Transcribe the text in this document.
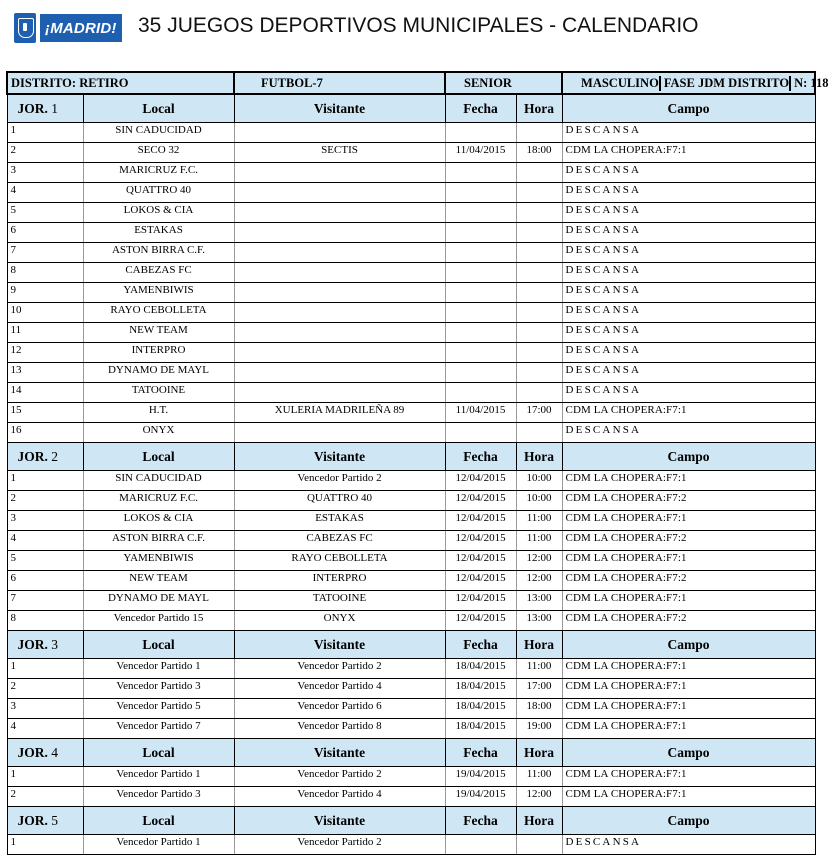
¡MADRID! 35 JUEGOS DEPORTIVOS MUNICIPALES - CALENDARIO
DISTRITO: RETIRO		FUTBOL-7	SENIOR		MASCULINO FASE JDM DISTRITO N: 118

JOR. 1	Local	Visitante	Fecha	Hora	Campo
1	SIN CADUCIDAD				DESCANSA
2	SECO 32	SECTIS	11/04/2015	18:00	CDM LA CHOPERA:F7:1
3	MARICRUZ F.C.				DESCANSA
4	QUATTRO 40				DESCANSA
5	LOKOS & CIA				DESCANSA
6	ESTAKAS				DESCANSA
7	ASTON BIRRA C.F.				DESCANSA
8	CABEZAS FC				DESCANSA
9	YAMENBIWIS				DESCANSA
10	RAYO CEBOLLETA				DESCANSA
11	NEW TEAM				DESCANSA
12	INTERPRO				DESCANSA
13	DYNAMO DE MAYL				DESCANSA
14	TATOOINE				DESCANSA
15	H.T.	XULERIA MADRILEÑA 89	11/04/2015	17:00	CDM LA CHOPERA:F7:1
16	ONYX				DESCANSA
JOR. 2	Local	Visitante	Fecha	Hora	Campo
1	SIN CADUCIDAD	Vencedor Partido 2	12/04/2015	10:00	CDM LA CHOPERA:F7:1
2	MARICRUZ F.C.	QUATTRO 40	12/04/2015	10:00	CDM LA CHOPERA:F7:2
3	LOKOS & CIA	ESTAKAS	12/04/2015	11:00	CDM LA CHOPERA:F7:1
4	ASTON BIRRA C.F.	CABEZAS FC	12/04/2015	11:00	CDM LA CHOPERA:F7:2
5	YAMENBIWIS	RAYO CEBOLLETA	12/04/2015	12:00	CDM LA CHOPERA:F7:1
6	NEW TEAM	INTERPRO	12/04/2015	12:00	CDM LA CHOPERA:F7:2
7	DYNAMO DE MAYL	TATOOINE	12/04/2015	13:00	CDM LA CHOPERA:F7:1
8	Vencedor Partido 15	ONYX	12/04/2015	13:00	CDM LA CHOPERA:F7:2
JOR. 3	Local	Visitante	Fecha	Hora	Campo
1	Vencedor Partido 1	Vencedor Partido 2	18/04/2015	11:00	CDM LA CHOPERA:F7:1
2	Vencedor Partido 3	Vencedor Partido 4	18/04/2015	17:00	CDM LA CHOPERA:F7:1
3	Vencedor Partido 5	Vencedor Partido 6	18/04/2015	18:00	CDM LA CHOPERA:F7:1
4	Vencedor Partido 7	Vencedor Partido 8	18/04/2015	19:00	CDM LA CHOPERA:F7:1
JOR. 4	Local	Visitante	Fecha	Hora	Campo
1	Vencedor Partido 1	Vencedor Partido 2	19/04/2015	11:00	CDM LA CHOPERA:F7:1
2	Vencedor Partido 3	Vencedor Partido 4	19/04/2015	12:00	CDM LA CHOPERA:F7:1
JOR. 5	Local	Visitante	Fecha	Hora	Campo
1	Vencedor Partido 1	Vencedor Partido 2			DESCANSA
